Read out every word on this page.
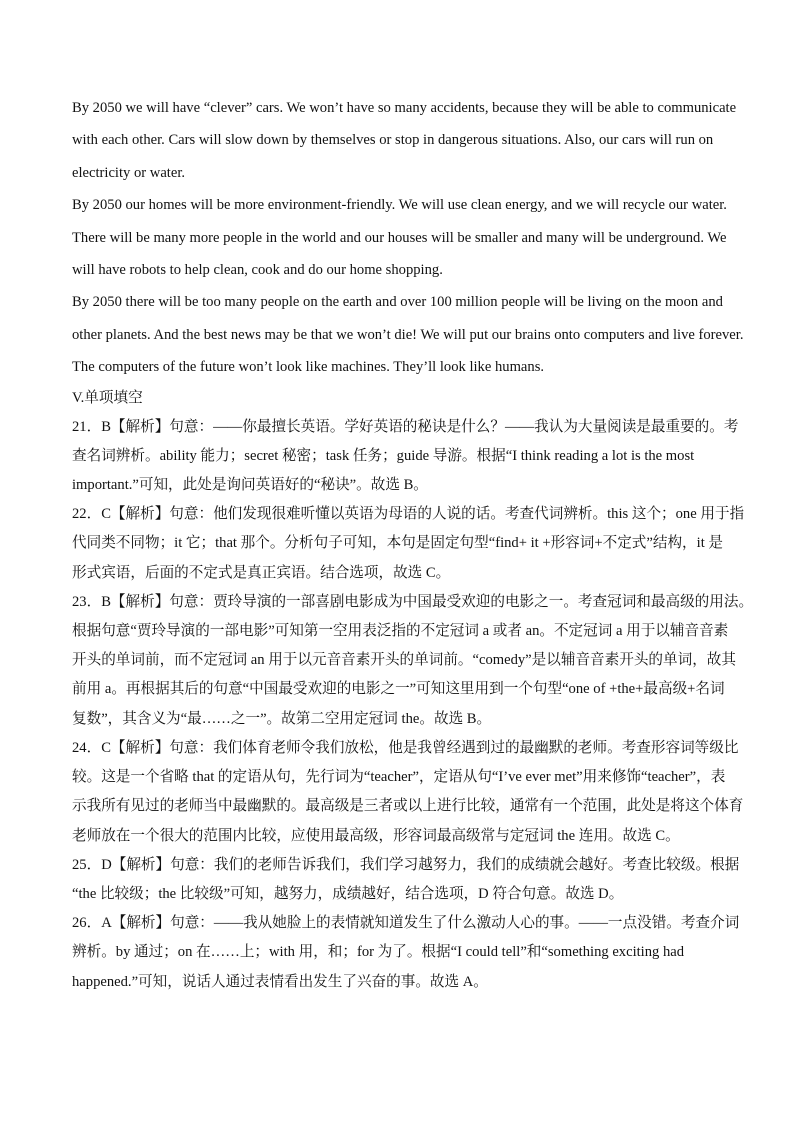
By 2050 we will have “clever” cars. We won’t have so many accidents, because they will be able to communicate

with each other. Cars will slow down by themselves or stop in dangerous situations. Also, our cars will run on

electricity or water.

By 2050 our homes will be more environment-friendly. We will use clean energy, and we will recycle our water.

There will be many more people in the world and our houses will be smaller and many will be underground. We

will have robots to help clean, cook and do our home shopping.

By 2050 there will be too many people on the earth and over 100 million people will be living on the moon and

other planets. And the best news may be that we won’t die! We will put our brains onto computers and live forever.

The computers of the future won’t look like machines. They’ll look like humans.

V.单项填空

21．B【解析】句意：——你最擅长英语。学好英语的秘诀是什么？——我认为大量阅读是最重要的。考

查名词辨析。ability 能力；secret 秘密；task 任务；guide 导游。根据“I think reading a lot is the most

important.”可知，此处是询问英语好的“秘诀”。故选 B。

22．C【解析】句意：他们发现很难听懂以英语为母语的人说的话。考查代词辨析。this 这个；one 用于指

代同类不同物；it 它；that 那个。分析句子可知，本句是固定句型“find+ it +形容词+不定式”结构，it 是

形式宾语，后面的不定式是真正宾语。结合选项，故选 C。

23．B【解析】句意：贾玲导演的一部喜剧电影成为中国最受欢迎的电影之一。考查冠词和最高级的用法。

根据句意“贾玲导演的一部电影”可知第一空用表泛指的不定冠词 a 或者 an。不定冠词 a 用于以辅音音素

开头的单词前，而不定冠词 an 用于以元音音素开头的单词前。“comedy”是以辅音音素开头的单词，故其

前用 a。再根据其后的句意“中国最受欢迎的电影之一”可知这里用到一个句型“one of +the+最高级+名词

复数”，其含义为“最……之一”。故第二空用定冠词 the。故选 B。

24．C【解析】句意：我们体育老师令我们放松，他是我曾经遇到过的最幽默的老师。考查形容词等级比

较。这是一个省略 that 的定语从句，先行词为“teacher”，定语从句“I’ve ever met”用来修饰“teacher”，表

示我所有见过的老师当中最幽默的。最高级是三者或以上进行比较，通常有一个范围，此处是将这个体育

老师放在一个很大的范围内比较，应使用最高级，形容词最高级常与定冠词 the 连用。故选 C。

25．D【解析】句意：我们的老师告诉我们，我们学习越努力，我们的成绩就会越好。考查比较级。根据

“the 比较级；the 比较级”可知，越努力，成绩越好，结合选项，D 符合句意。故选 D。

26．A【解析】句意：——我从她脸上的表情就知道发生了什么激动人心的事。——一点没错。考查介词

辨析。by 通过；on 在……上；with 用，和；for 为了。根据“I could tell”和“something exciting had

happened.”可知，说话人通过表情看出发生了兴奋的事。故选 A。
